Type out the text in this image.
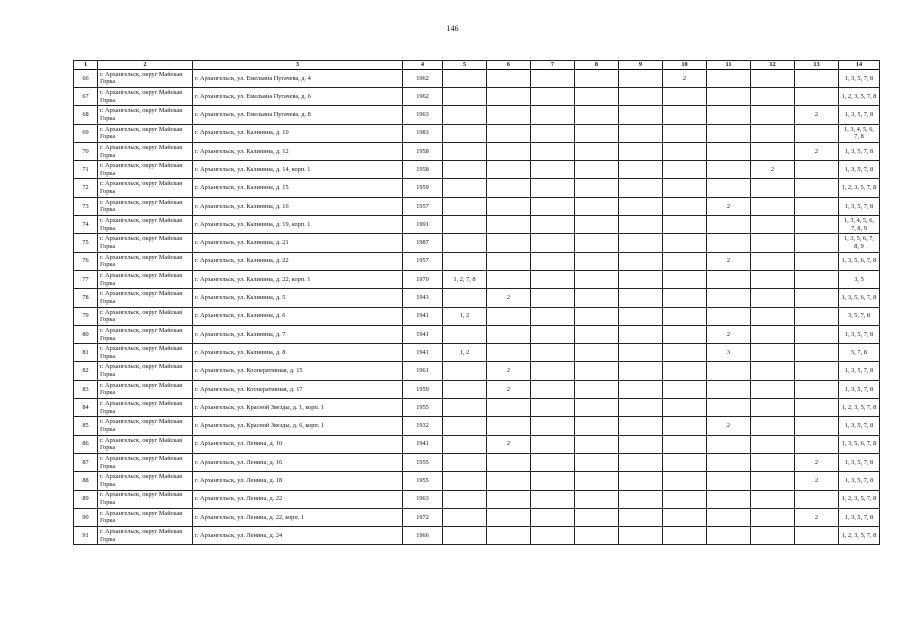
146
1	2	3	4	5	6	7	8	9	10	11	12	13	14
66	г. Архангельск, округ Майская Горка	г. Архангельск, ул. Емельяна Пугачева, д. 4	1962						2				1, 3, 5, 7, 8
67	г. Архангельск, округ Майская Горка	г. Архангельск, ул. Емельяна Пугачева, д. 6	1962										1, 2, 3, 5, 7, 8
68	г. Архангельск, округ Майская Горка	г. Архангельск, ул. Емельяна Пугачева, д. 8	1963									2	1, 3, 5, 7, 8
69	г. Архангельск, округ Майская Горка	г. Архангельск, ул. Калинина, д. 10	1983										1, 3, 4, 5, 6, 7, 8
70	г. Архангельск, округ Майская Горка	г. Архангельск, ул. Калинина, д. 12	1958									2	1, 3, 5, 7, 8
71	г. Архангельск, округ Майская Горка	г. Архангельск, ул. Калинина, д. 14, корп. 1	1958								2		1, 3, 5, 7, 8
72	г. Архангельск, округ Майская Горка	г. Архангельск, ул. Калинина, д. 15	1959										1, 2, 3, 5, 7, 8
73	г. Архангельск, округ Майская Горка	г. Архангельск, ул. Калинина, д. 16	1957							2			1, 3, 5, 7, 8
74	г. Архангельск, округ Майская Горка	г. Архангельск, ул. Калинина, д. 19, корп. 1	1991										1, 3, 4, 5, 6, 7, 8, 9
75	г. Архангельск, округ Майская Горка	г. Архангельск, ул. Калинина, д. 21	1987										1, 3, 5, 6, 7, 8, 9
76	г. Архангельск, округ Майская Горка	г. Архангельск, ул. Калинина, д. 22	1957							2			1, 3, 5, 6, 7, 8
77	г. Архангельск, округ Майская Горка	г. Архангельск, ул. Калинина, д. 22, корп. 1	1970	1, 2, 7, 8									3, 5
78	г. Архангельск, округ Майская Горка	г. Архангельск, ул. Калинина, д. 5	1943		2								1, 3, 5, 6, 7, 8
79	г. Архангельск, округ Майская Горка	г. Архангельск, ул. Калинина, д. 6	1941	1, 2									3, 5, 7, 8
80	г. Архангельск, округ Майская Горка	г. Архангельск, ул. Калинина, д. 7	1941							2			1, 3, 5, 7, 8
81	г. Архангельск, округ Майская Горка	г. Архангельск, ул. Калинина, д. 8	1941	1, 2						3			5, 7, 8
82	г. Архангельск, округ Майская Горка	г. Архангельск, ул. Кооперативная, д. 15	1961		2								1, 3, 5, 7, 8
83	г. Архангельск, округ Майская Горка	г. Архангельск, ул. Кооперативная, д. 17	1959		2								1, 3, 5, 7, 8
84	г. Архангельск, округ Майская Горка	г. Архангельск, ул. Красной Звезды, д. 1, корп. 1	1955										1, 2, 3, 5, 7, 8
85	г. Архангельск, округ Майская Горка	г. Архангельск, ул. Красной Звезды, д. 6, корп. 1	1932							2			1, 3, 5, 7, 8
86	г. Архангельск, округ Майская Горка	г. Архангельск, ул. Ленина, д. 10	1941		2								1, 3, 5, 6, 7, 8
87	г. Архангельск, округ Майская Горка	г. Архангельск, ул. Ленина, д. 16	1955									2	1, 3, 5, 7, 8
88	г. Архангельск, округ Майская Горка	г. Архангельск, ул. Ленина, д. 18	1955									2	1, 3, 5, 7, 8
89	г. Архангельск, округ Майская Горка	г. Архангельск, ул. Ленина, д. 22	1963										1, 2, 3, 5, 7, 8
90	г. Архангельск, округ Майская Горка	г. Архангельск, ул. Ленина, д. 22, корп. 1	1972									2	1, 3, 5, 7, 8
91	г. Архангельск, округ Майская Горка	г. Архангельск, ул. Ленина, д. 24	1966										1, 2, 3, 5, 7, 8
